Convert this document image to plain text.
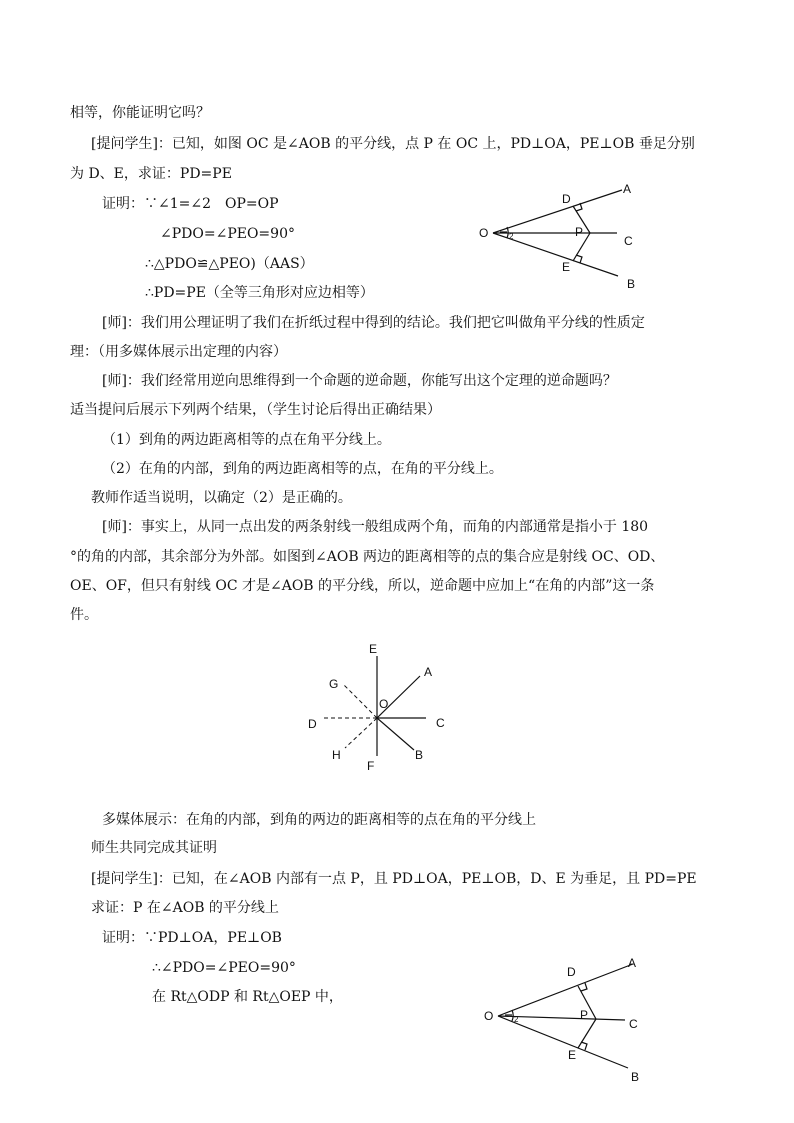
相等，你能证明它吗？
[提问学生]：已知，如图 OC 是∠AOB 的平分线，点 P 在 OC 上，PD⊥OA，PE⊥OB 垂足分别
为 D、E，求证：PD=PE
证明：∵∠1=∠2　OP=OP
∠PDO=∠PEO=90°
∴△PDO≌△PEO)（AAS）
∴PD=PE（全等三角形对应边相等）
[师]：我们用公理证明了我们在折纸过程中得到的结论。我们把它叫做角平分线的性质定
理：（用多媒体展示出定理的内容）
[师]：我们经常用逆向思维得到一个命题的逆命题，你能写出这个定理的逆命题吗？
适当提问后展示下列两个结果，（学生讨论后得出正确结果）
（1）到角的两边距离相等的点在角平分线上。
（2）在角的内部，到角的两边距离相等的点，在角的平分线上。
教师作适当说明，以确定（2）是正确的。
[师]：事实上，从同一点出发的两条射线一般组成两个角，而角的内部通常是指小于 180
°的角的内部，其余部分为外部。如图到∠AOB 两边的距离相等的点的集合应是射线 OC、OD、
OE、OF，但只有射线 OC 才是∠AOB 的平分线，所以，逆命题中应加上“在角的内部”这一条
件。
多媒体展示：在角的内部，到角的两边的距离相等的点在角的平分线上
师生共同完成其证明
[提问学生]：已知，在∠AOB 内部有一点 P，且 PD⊥OA，PE⊥OB，D、E 为垂足，且 PD=PE
求证：P 在∠AOB 的平分线上
证明：∵PD⊥OA，PE⊥OB
∴∠PDO=∠PEO=90°
在 Rt△ODP 和 Rt△OEP 中，
O
D
A
P
C
E
B
2
E
A
G
O
D	C
H	B
F
O
D
A
P
C
E
B
2
